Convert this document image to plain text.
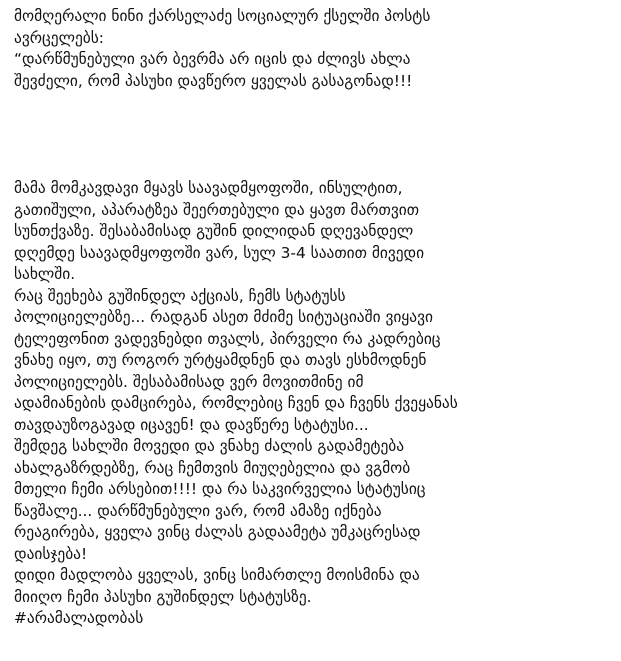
მომღერალი ნინი ქარსელაძე სოციალურ ქსელში პოსტს
ავრცელებს:
“დარწმუნებული ვარ ბევრმა არ იცის და ძლივს ახლა
შევძელი, რომ პასუხი დავწერო ყველას გასაგონად!!!
მამა მომკავდავი მყავს საავადმყოფოში, ინსულტით,
გათიშული, აპარატზეა შეერთებული და ყავთ მართვით
სუნთქვაზე. შესაბამისად გუშინ დილიდან დღევანდელ
დღემდე საავადმყოფოში ვარ, სულ 3-4 საათით მივედი
სახლში.
რაც შეეხება გუშინდელ აქციას, ჩემს სტატუსს
პოლიციელებზე... რადგან ასეთ მძიმე სიტუაციაში ვიყავი
ტელეფონით ვადევნებდი თვალს, პირველი რა კადრებიც
ვნახე იყო, თუ როგორ ურტყამდნენ და თავს ესხმოდნენ
პოლიციელებს. შესაბამისად ვერ მოვითმინე იმ
ადამიანების დამცირება, რომლებიც ჩვენ და ჩვენს ქვეყანას
თავდაუზოგავად იცავენ! და დავწერე სტატუსი...
შემდეგ სახლში მოვედი და ვნახე ძალის გადამეტება
ახალგაზრდებზე, რაც ჩემთვის მიუღებელია და ვგმობ
მთელი ჩემი არსებით!!!! და რა საკვირველია სტატუსიც
წავშალე... დარწმუნებული ვარ, რომ ამაზე იქნება
რეაგირება, ყველა ვინც ძალას გადაამეტა უმკაცრესად
დაისჯება!
დიდი მადლობა ყველას, ვინც სიმართლე მოისმინა და
მიიღო ჩემი პასუხი გუშინდელ სტატუსზე.
#არამალადობას
